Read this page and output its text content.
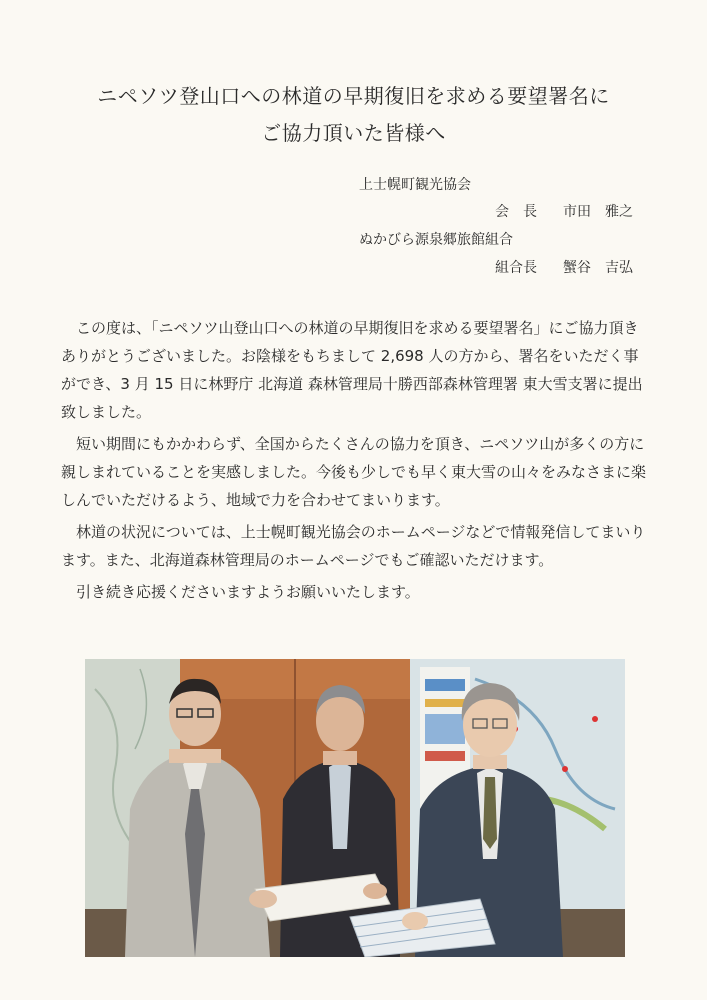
ニペソツ登山口への林道の早期復旧を求める要望署名に
ご協力頂いた皆様へ
上士幌町観光協会
会　長 市田　雅之
ぬかびら源泉郷旅館組合
組合長 蟹谷　吉弘

この度は、「ニペソツ山登山口への林道の早期復旧を求める要望署名」にご協力頂きありがとうございました。お陰様をもちまして 2,698 人の方から、署名をいただく事ができ、3 月 15 日に林野庁 北海道 森林管理局十勝西部森林管理署 東大雪支署に提出致しました。

短い期間にもかかわらず、全国からたくさんの協力を頂き、ニペソツ山が多くの方に親しまれていることを実感しました。今後も少しでも早く東大雪の山々をみなさまに楽しんでいただけるよう、地域で力を合わせてまいります。

林道の状況については、上士幌町観光協会のホームページなどで情報発信してまいります。また、北海道森林管理局のホームページでもご確認いただけます。

引き続き応援くださいますようお願いいたします。
